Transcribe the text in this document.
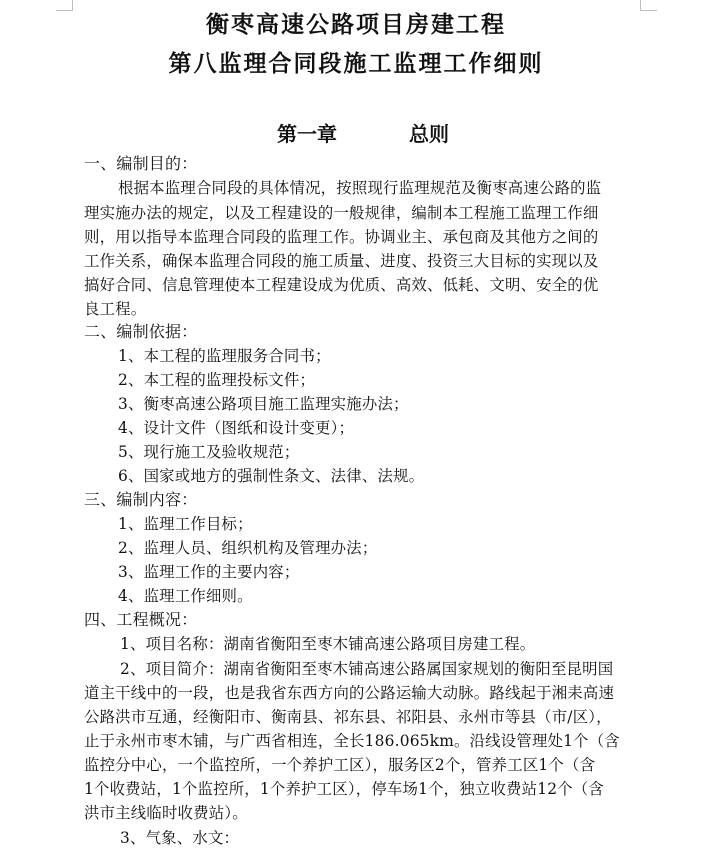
衡枣高速公路项目房建工程
第八监理合同段施工监理工作细则
第一章	总则
一、编制目的：
根据本监理合同段的具体情况，按照现行监理规范及衡枣高速公路的监
理实施办法的规定，以及工程建设的一般规律，编制本工程施工监理工作细
则，用以指导本监理合同段的监理工作。协调业主、承包商及其他方之间的
工作关系，确保本监理合同段的施工质量、进度、投资三大目标的实现以及
搞好合同、信息管理使本工程建设成为优质、高效、低耗、文明、安全的优
良工程。
二、编制依据：
1、本工程的监理服务合同书；
2、本工程的监理投标文件；
3、衡枣高速公路项目施工监理实施办法；
4、设计文件（图纸和设计变更）；
5、现行施工及验收规范；
6、国家或地方的强制性条文、法律、法规。
三、编制内容：
1、监理工作目标；
2、监理人员、组织机构及管理办法；
3、监理工作的主要内容；
4、监理工作细则。
四、工程概况：
1、项目名称：湖南省衡阳至枣木铺高速公路项目房建工程。
2、项目简介：湖南省衡阳至枣木铺高速公路属国家规划的衡阳至昆明国
道主干线中的一段，也是我省东西方向的公路运输大动脉。路线起于湘耒高速
公路洪市互通，经衡阳市、衡南县、祁东县、祁阳县、永州市等县（市/区），
止于永州市枣木铺，与广西省相连，全长186.065km。沿线设管理处1个（含
监控分中心，一个监控所，一个养护工区），服务区2个，管养工区1个（含
1个收费站，1个监控所，1个养护工区），停车场1个，独立收费站12个（含
洪市主线临时收费站）。
3、气象、水文：
